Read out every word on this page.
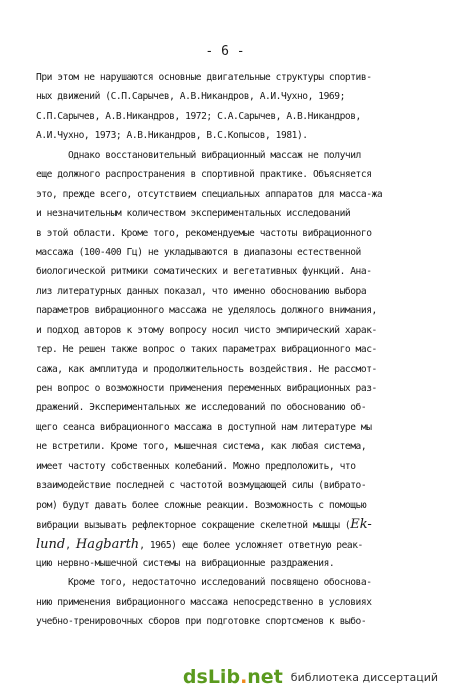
- 6 -
При этом не нарушаются основные двигательные структуры спортив-
ных движений (С.П.Сарычев, А.В.Никандров, А.И.Чухно, 1969;
С.П.Сарычев, А.В.Никандров, 1972; С.А.Сарычев, А.В.Никандров,
А.И.Чухно, 1973; А.В.Никандров, В.С.Копысов, 1981).
Однако восстановительный вибрационный массаж не получил
еще должного распространения в спортивной практике. Объясняется
это, прежде всего, отсутствием специальных аппаратов для масса-жа
и незначительным количеством экспериментальных исследований
в этой области. Кроме того, рекомендуемые частоты вибрационного
массажа (100-400 Гц) не укладываются в диапазоны естественной
биологической ритмики соматических и вегетативных функций. Ана-
лиз литературных данных показал, что именно обоснованию выбора
параметров вибрационного массажа не уделялось должного внимания,
и подход авторов к этому вопросу носил чисто эмпирический харак-
тер. Не решен также вопрос о таких параметрах вибрационного мас-
сажа, как амплитуда и продолжительность воздействия. Не рассмот-
рен вопрос о возможности применения переменных вибрационных раз-
дражений. Экспериментальных же исследований по обоснованию об-
щего сеанса вибрационного массажа в доступной нам литературе мы
не встретили. Кроме того, мышечная система, как любая система,
имеет частоту собственных колебаний. Можно предположить, что
взаимодействие последней с частотой возмущающей силы (вибрато-
ром) будут давать более сложные реакции. Возможность с помощью
вибрации вызывать рефлекторное сокращение скелетной мышцы (Ek-
lund, Hagbarth, 1965) еще более усложняет ответную реак-
цию нервно-мышечной системы на вибрационные раздражения.
Кроме того, недостаточно исследований посвящено обоснова-
нию применения вибрационного массажа непосредственно в условиях
учебно-тренировочных сборов при подготовке спортсменов к выбо-
dsLib.net библиотека диссертаций
